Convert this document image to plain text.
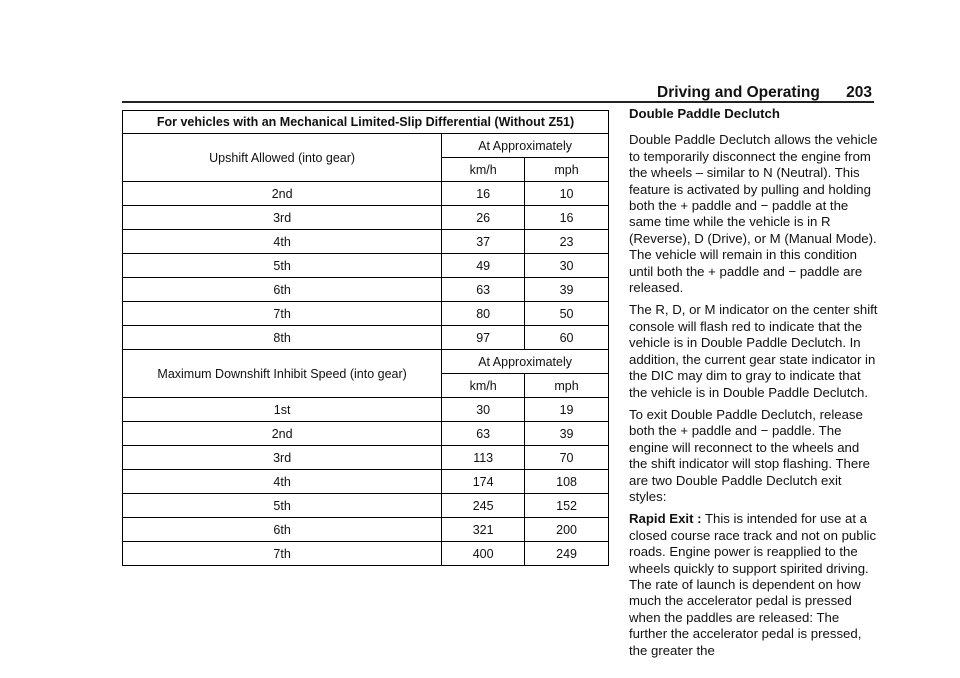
Driving and Operating 203
For vehicles with an Mechanical Limited-Slip Differential (Without Z51)		
Upshift Allowed (into gear)	At Approximately	
	km/h	mph
2nd	16	10
3rd	26	16
4th	37	23
5th	49	30
6th	63	39
7th	80	50
8th	97	60
Maximum Downshift Inhibit Speed (into gear)	At Approximately	
	km/h	mph
1st	30	19
2nd	63	39
3rd	113	70
4th	174	108
5th	245	152
6th	321	200
7th	400	249

Double Paddle Declutch

Double Paddle Declutch allows the vehicle to temporarily disconnect the engine from the wheels – similar to N (Neutral). This feature is activated by pulling and holding both the + paddle and − paddle at the same time while the vehicle is in R (Reverse), D (Drive), or M (Manual Mode). The vehicle will remain in this condition until both the + paddle and − paddle are released.

The R, D, or M indicator on the center shift console will flash red to indicate that the vehicle is in Double Paddle Declutch. In addition, the current gear state indicator in the DIC may dim to gray to indicate that the vehicle is in Double Paddle Declutch.

To exit Double Paddle Declutch, release both the + paddle and − paddle. The engine will reconnect to the wheels and the shift indicator will stop flashing. There are two Double Paddle Declutch exit styles:

Rapid Exit : This is intended for use at a closed course race track and not on public roads. Engine power is reapplied to the wheels quickly to support spirited driving. The rate of launch is dependent on how much the accelerator pedal is pressed when the paddles are released: The further the accelerator pedal is pressed, the greater the
